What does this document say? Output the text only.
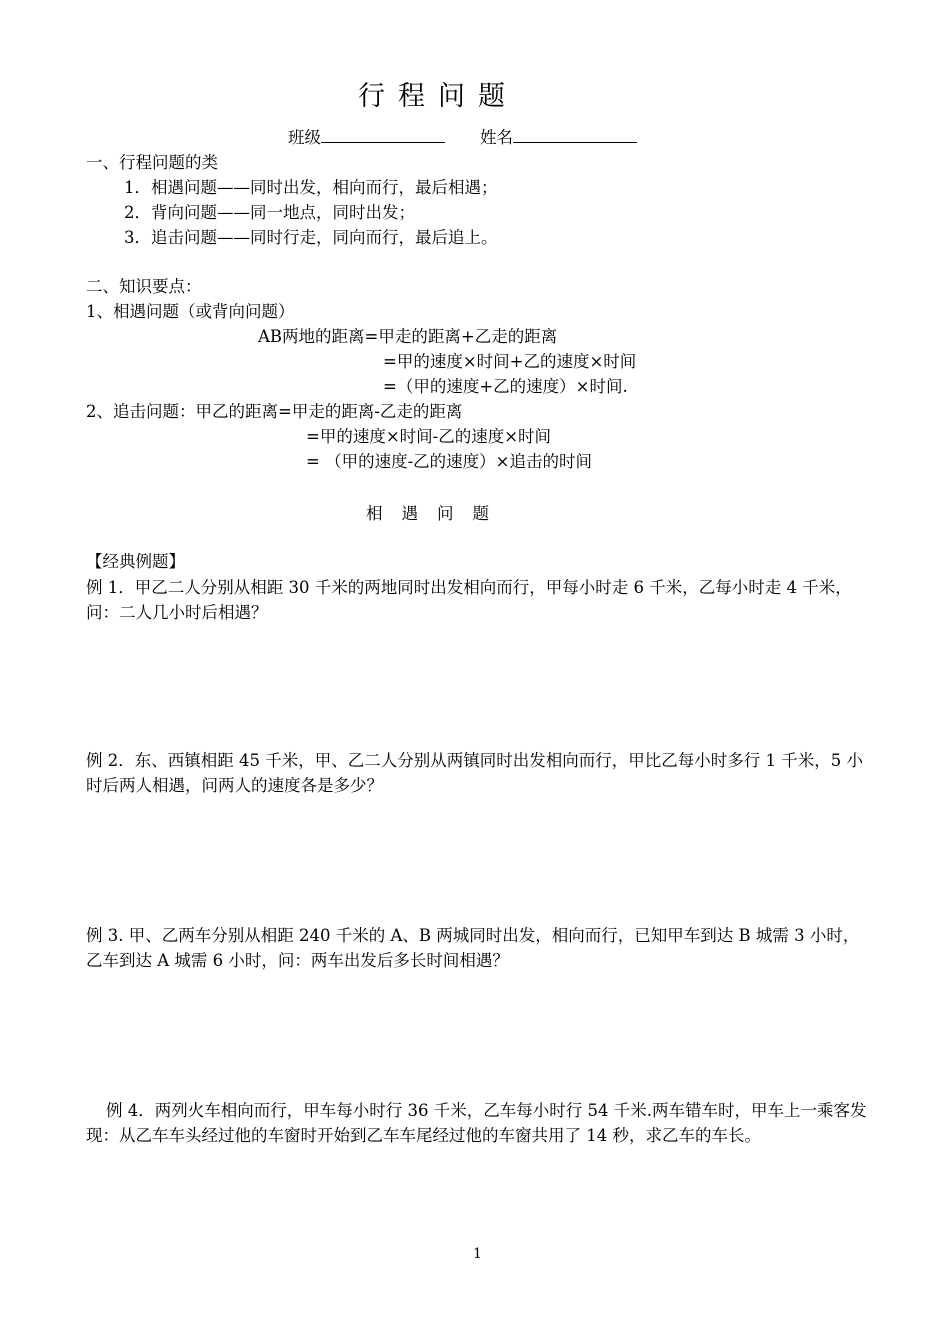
行程问题
班级	姓名
一、行程问题的类
1．相遇问题——同时出发，相向而行，最后相遇；
2．背向问题——同一地点，同时出发；
3．追击问题——同时行走，同向而行，最后追上。
二、知识要点：
1、相遇问题（或背向问题）
AB两地的距离=甲走的距离+乙走的距离
=甲的速度×时间+乙的速度×时间
=（甲的速度+乙的速度）×时间.
2、追击问题：甲乙的距离=甲走的距离-乙走的距离
=甲的速度×时间-乙的速度×时间
= （甲的速度-乙的速度）×追击的时间
相遇问题
【经典例题】
例 1．甲乙二人分别从相距 30 千米的两地同时出发相向而行，甲每小时走 6 千米，乙每小时走 4 千米，问：二人几小时后相遇？
例 2．东、西镇相距 45 千米，甲、乙二人分别从两镇同时出发相向而行，甲比乙每小时多行 1 千米，5 小时后两人相遇，问两人的速度各是多少？
例 3. 甲、乙两车分别从相距 240 千米的 A、B 两城同时出发，相向而行，已知甲车到达 B 城需 3 小时，乙车到达 A 城需 6 小时，问：两车出发后多长时间相遇？
例 4．两列火车相向而行，甲车每小时行 36 千米，乙车每小时行 54 千米.两车错车时，甲车上一乘客发现：从乙车车头经过他的车窗时开始到乙车车尾经过他的车窗共用了 14 秒，求乙车的车长。
1
